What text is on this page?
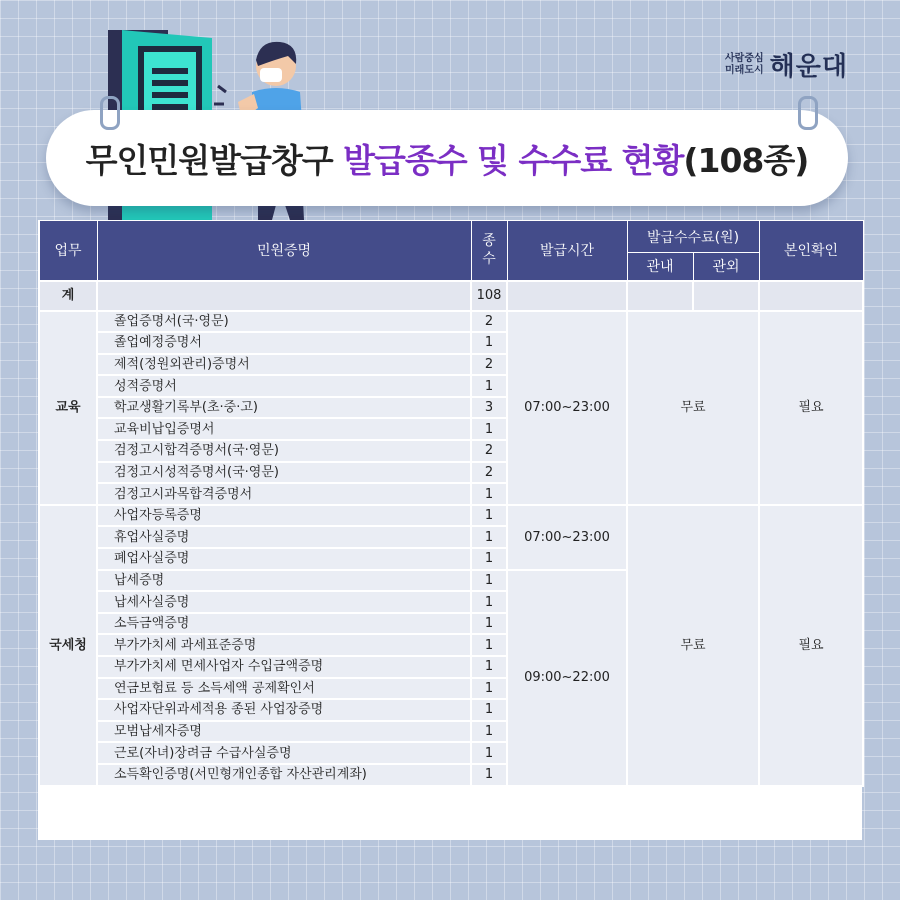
사람중심
미래도시 해운대
무인민원발급창구
발급종수 및 수수료 현황 (108종)
업무	민원증명	종
수	발급시간	발급수수료(원)		본인확인
				관내	관외	
계		108				
교육	졸업증명서(국·영문)	2	07:00~23:00	무료		필요
	졸업예정증명서	1				
	제적(정원외관리)증명서	2				
	성적증명서	1				
	학교생활기록부(초·중·고)	3				
	교육비납입증명서	1				
	검정고시합격증명서(국·영문)	2				
	검정고시성적증명서(국·영문)	2				
	검정고시과목합격증명서	1				
국세청	사업자등록증명	1	07:00~23:00	무료		필요
	휴업사실증명	1				
	폐업사실증명	1				
	납세증명	1	09:00~22:00			
	납세사실증명	1				
	소득금액증명	1				
	부가가치세 과세표준증명	1				
	부가가치세 면세사업자 수입금액증명	1				
	연금보험료 등 소득세액 공제확인서	1				
	사업자단위과세적용 종된 사업장증명	1				
	모범납세자증명	1				
	근로(자녀)장려금 수급사실증명	1				
	소득확인증명(서민형개인종합 자산관리계좌)	1				
